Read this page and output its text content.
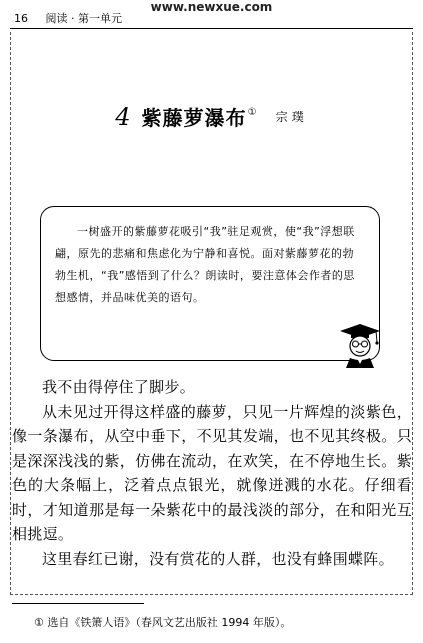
www.newxue.com
16 阅读 · 第一单元
4 紫藤萝瀑布① 宗璞

一树盛开的紫藤萝花吸引“我”驻足观赏，使“我”浮想联翩，原先的悲痛和焦虑化为宁静和喜悦。面对紫藤萝花的勃勃生机，“我”感悟到了什么？朗读时，要注意体会作者的思想感情，并品味优美的语句。

我不由得停住了脚步。

从未见过开得这样盛的藤萝，只见一片辉煌的淡紫色，像一条瀑布，从空中垂下，不见其发端，也不见其终极。只是深深浅浅的紫，仿佛在流动，在欢笑，在不停地生长。紫色的大条幅上，泛着点点银光，就像迸溅的水花。仔细看时，才知道那是每一朵紫花中的最浅淡的部分，在和阳光互相挑逗。

这里春红已谢，没有赏花的人群，也没有蜂围蝶阵。

① 选自《铁箫人语》（春风文艺出版社 1994 年版）。
